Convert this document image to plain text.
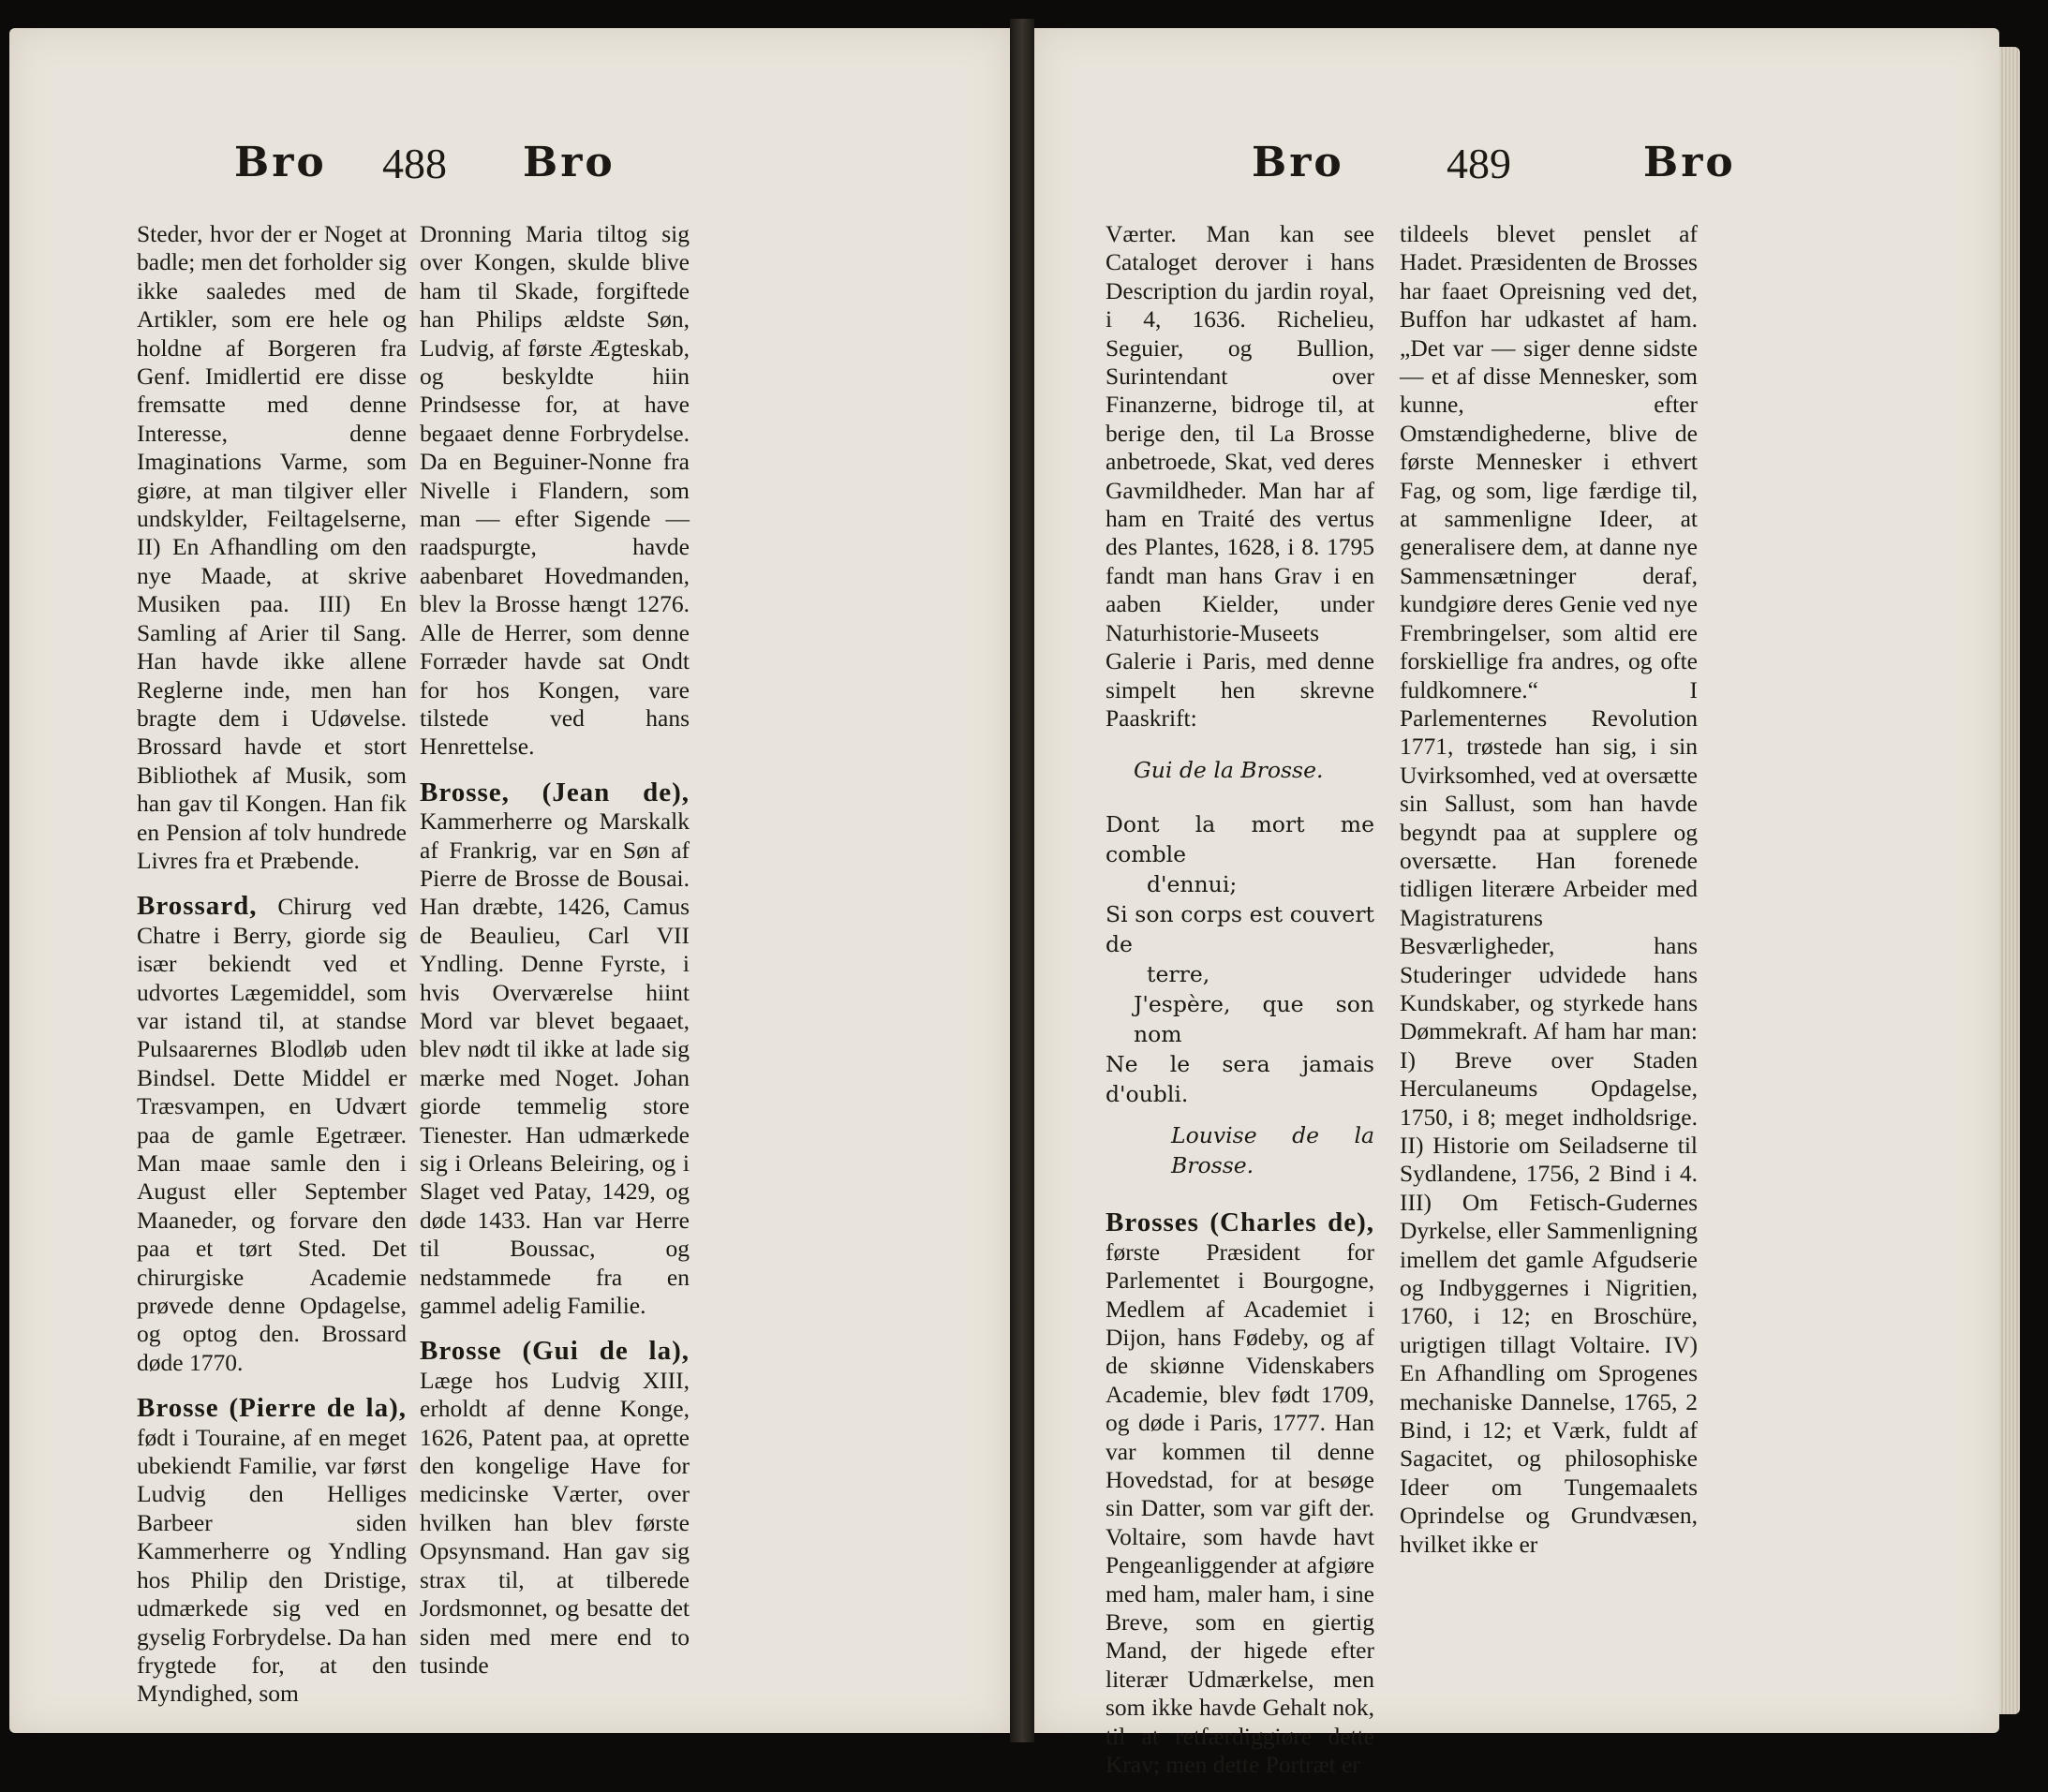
Bro 488 Bro

Steder, hvor der er Noget at badle; men det forholder sig ikke saaledes med de Artikler, som ere hele og holdne af Borgeren fra Genf. Imidlertid ere disse fremsatte med denne Interesse, denne Imaginations Varme, som giøre, at man tilgiver eller undskylder, Feiltagelserne, II) En Afhandling om den nye Maade, at skrive Musiken paa. III) En Samling af Arier til Sang. Han havde ikke allene Reglerne inde, men han bragte dem i Udøvelse. Brossard havde et stort Bibliothek af Musik, som han gav til Kongen. Han fik en Pension af tolv hundrede Livres fra et Præbende.

Brossard, Chirurg ved Chatre i Berry, giorde sig især bekiendt ved et udvortes Lægemiddel, som var istand til, at standse Pulsaarernes Blodløb uden Bindsel. Dette Middel er Træsvampen, en Udvært paa de gamle Egetræer. Man maae samle den i August eller September Maaneder, og forvare den paa et tørt Sted. Det chirurgiske Academie prøvede denne Opdagelse, og optog den. Brossard døde 1770.

Brosse (Pierre de la), født i Touraine, af en meget ubekiendt Familie, var først Ludvig den Helliges Barbeer siden Kammerherre og Yndling hos Philip den Dristige, udmærkede sig ved en gyselig Forbrydelse. Da han frygtede for, at den Myndighed, som

Dronning Maria tiltog sig over Kongen, skulde blive ham til Skade, forgiftede han Philips ældste Søn, Ludvig, af første Ægteskab, og beskyldte hiin Prindsesse for, at have begaaet denne Forbrydelse. Da en Beguiner-Nonne fra Nivelle i Flandern, som man — efter Sigende — raadspurgte, havde aabenbaret Hovedmanden, blev la Brosse hængt 1276. Alle de Herrer, som denne Forræder havde sat Ondt for hos Kongen, vare tilstede ved hans Henrettelse.

Brosse, (Jean de), Kammerherre og Marskalk af Frankrig, var en Søn af Pierre de Brosse de Bousai. Han dræbte, 1426, Camus de Beaulieu, Carl VII Yndling. Denne Fyrste, i hvis Overværelse hiint Mord var blevet begaaet, blev nødt til ikke at lade sig mærke med Noget. Johan giorde temmelig store Tienester. Han udmærkede sig i Orleans Beleiring, og i Slaget ved Patay, 1429, og døde 1433. Han var Herre til Boussac, og nedstammede fra en gammel adelig Familie.

Brosse (Gui de la), Læge hos Ludvig XIII, erholdt af denne Konge, 1626, Patent paa, at oprette den kongelige Have for medicinske Værter, over hvilken han blev første Opsynsmand. Han gav sig strax til, at tilberede Jordsmonnet, og besatte det siden med mere end to tusinde

Bro 489	Bro

Værter. Man kan see Cataloget derover i hans Description du jardin royal, i 4, 1636. Richelieu, Seguier, og Bullion, Surintendant over Finanzerne, bidroge til, at berige den, til La Brosse anbetroede, Skat, ved deres Gavmildheder. Man har af ham en Traité des vertus des Plantes, 1628, i 8. 1795 fandt man hans Grav i en aaben Kielder, under Naturhistorie-Museets Galerie i Paris, med denne simpelt hen skrevne Paaskrift:

Gui de la Brosse.
Dont la mort me comble
d'ennui;
Si son corps est couvert de
terre,
J'espère, que son nom
Ne le sera jamais d'oubli.
Louvise de la Brosse.

Brosses (Charles de), første Præsident for Parlementet i Bourgogne, Medlem af Academiet i Dijon, hans Fødeby, og af de skiønne Videnskabers Academie, blev født 1709, og døde i Paris, 1777. Han var kommen til denne Hovedstad, for at besøge sin Datter, som var gift der. Voltaire, som havde havt Pengeanliggender at afgiøre med ham, maler ham, i sine Breve, som en giertig Mand, der higede efter literær Udmærkelse, men som ikke havde Gehalt nok, til at retfærdiggiøre dette Krav; men dette Portræt er

tildeels blevet penslet af Hadet. Præsidenten de Brosses har faaet Opreisning ved det, Buffon har udkastet af ham. „Det var — siger denne sidste — et af disse Mennesker, som kunne, efter Omstændighederne, blive de første Mennesker i ethvert Fag, og som, lige færdige til, at sammenligne Ideer, at generalisere dem, at danne nye Sammensætninger deraf, kundgiøre deres Genie ved nye Frembringelser, som altid ere forskiellige fra andres, og ofte fuldkomnere.“ I Parlementernes Revolution 1771, trøstede han sig, i sin Uvirksomhed, ved at oversætte sin Sallust, som han havde begyndt paa at supplere og oversætte. Han forenede tidligen literære Arbeider med Magistraturens Besværligheder, hans Studeringer udvidede hans Kundskaber, og styrkede hans Dømmekraft. Af ham har man: I) Breve over Staden Herculaneums Opdagelse, 1750, i 8; meget indholdsrige. II) Historie om Seiladserne til Sydlandene, 1756, 2 Bind i 4. III) Om Fetisch-Gudernes Dyrkelse, eller Sammenligning imellem det gamle Afgudserie og Indbyggernes i Nigritien, 1760, i 12; en Broschüre, urigtigen tillagt Voltaire. IV) En Afhandling om Sprogenes mechaniske Dannelse, 1765, 2 Bind, i 12; et Værk, fuldt af Sagacitet, og philosophiske Ideer om Tungemaalets Oprindelse og Grundvæsen, hvilket ikke er
